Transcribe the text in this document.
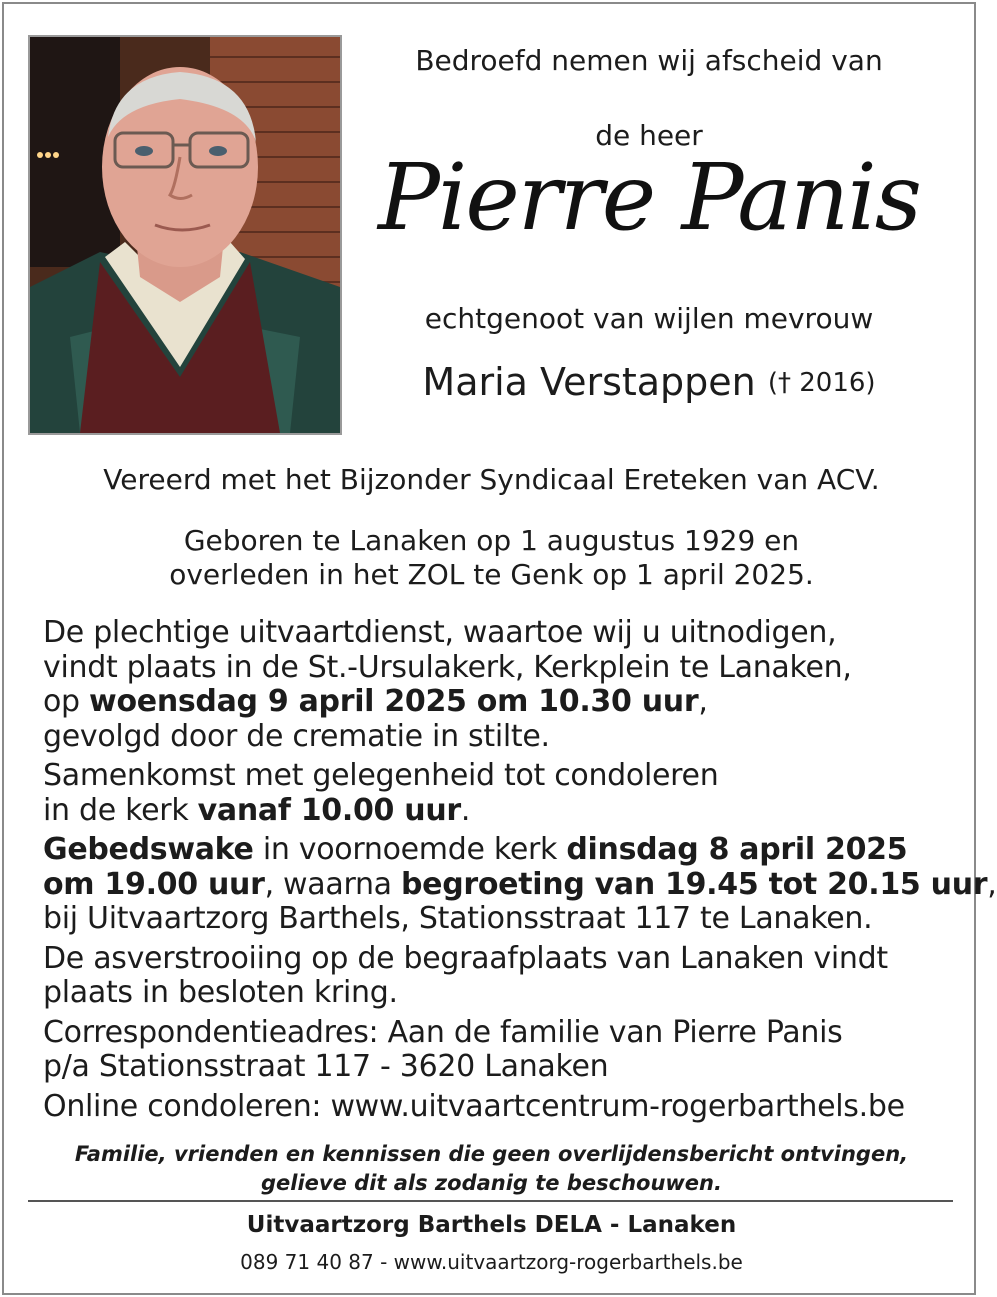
Bedroefd nemen wij afscheid van
de heer
Pierre Panis
echtgenoot van wijlen mevrouw
Maria Verstappen († 2016)
Vereerd met het Bijzonder Syndicaal Ereteken van ACV.
Geboren te Lanaken op 1 augustus 1929 en
overleden in het ZOL te Genk op 1 april 2025.
De plechtige uitvaartdienst, waartoe wij u uitnodigen,
vindt plaats in de St.-Ursulakerk, Kerkplein te Lanaken,
op woensdag 9 april 2025 om 10.30 uur,
gevolgd door de crematie in stilte.
Samenkomst met gelegenheid tot condoleren
in de kerk vanaf 10.00 uur.
Gebedswake in voornoemde kerk dinsdag 8 april 2025
om 19.00 uur, waarna begroeting van 19.45 tot 20.15 uur,
bij Uitvaartzorg Barthels, Stationsstraat 117 te Lanaken.
De asverstrooiing op de begraafplaats van Lanaken vindt
plaats in besloten kring.
Correspondentieadres: Aan de familie van Pierre Panis
p/a Stationsstraat 117 - 3620 Lanaken
Online condoleren: www.uitvaartcentrum-rogerbarthels.be
Familie, vrienden en kennissen die geen overlijdensbericht ontvingen,
gelieve dit als zodanig te beschouwen.
Uitvaartzorg Barthels DELA - Lanaken
089 71 40 87 - www.uitvaartzorg-rogerbarthels.be
